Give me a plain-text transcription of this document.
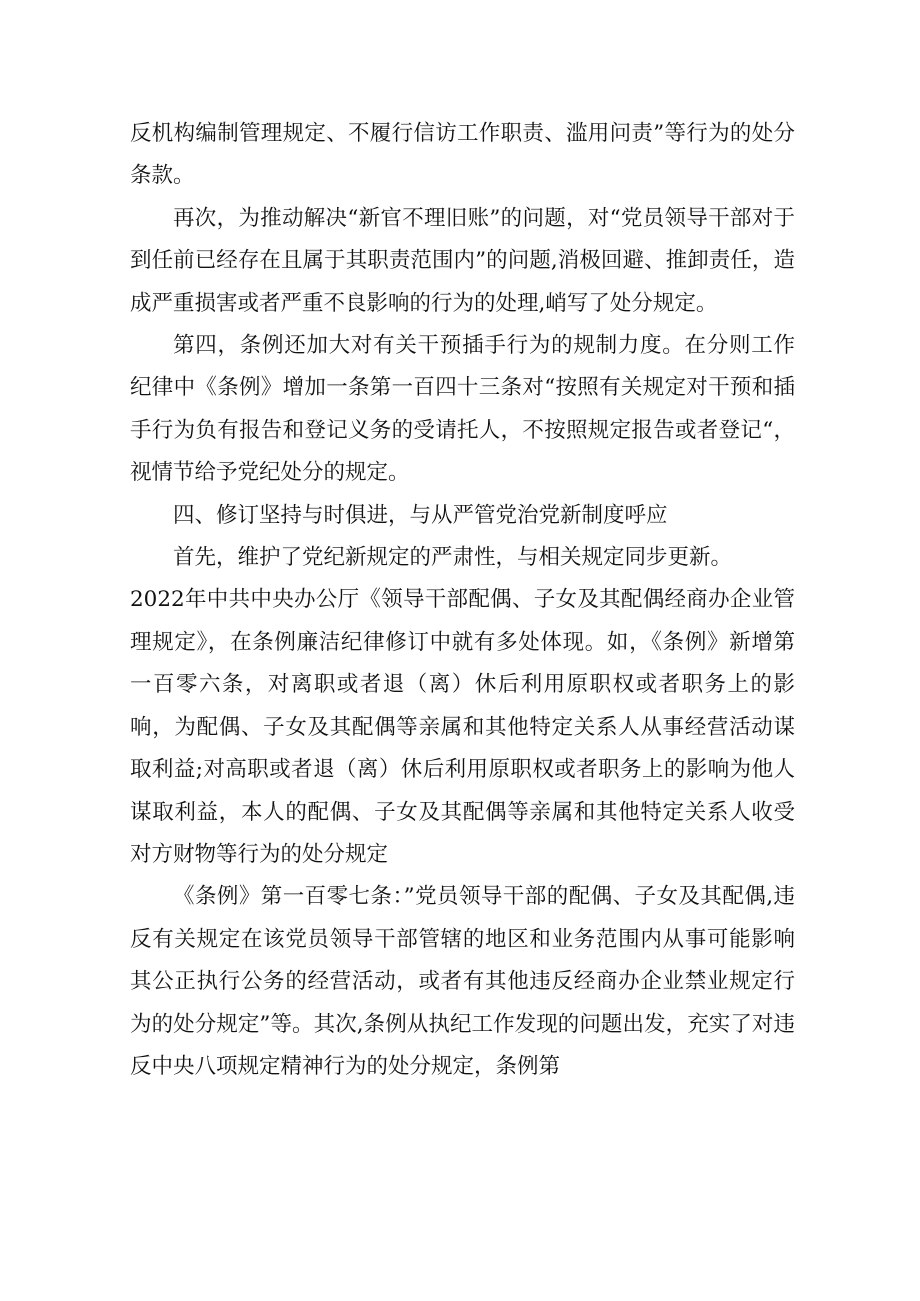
反机构编制管理规定、不履行信访工作职责、滥用问责”等行为的处分条款。

再次，为推动解决“新官不理旧账”的问题，对“党员领导干部对于到任前已经存在且属于其职责范围内”的问题,消极回避、推卸责任，造成严重损害或者严重不良影响的行为的处理,峭写了处分规定。

第四，条例还加大对有关干预插手行为的规制力度。在分则工作纪律中《条例》增加一条第一百四十三条对“按照有关规定对干预和插手行为负有报告和登记义务的受请托人，不按照规定报告或者登记“，视情节给予党纪处分的规定。

四、修订坚持与时俱进，与从严管党治党新制度呼应

首先，维护了党纪新规定的严肃性，与相关规定同步更新。

2022年中共中央办公厅《领导干部配偶、子女及其配偶经商办企业管理规定》，在条例廉洁纪律修订中就有多处体现。如，《条例》新增第一百零六条，对离职或者退（离）休后利用原职权或者职务上的影响，为配偶、子女及其配偶等亲属和其他特定关系人从事经营活动谋取利益;对高职或者退（离）休后利用原职权或者职务上的影响为他人谋取利益，本人的配偶、子女及其配偶等亲属和其他特定关系人收受对方财物等行为的处分规定

《条例》第一百零七条：”党员领导干部的配偶、子女及其配偶,违反有关规定在该党员领导干部管辖的地区和业务范围内从事可能影响其公正执行公务的经营活动，或者有其他违反经商办企业禁业规定行为的处分规定”等。其次,条例从执纪工作发现的问题出发，充实了对违反中央八项规定精神行为的处分规定，条例第
